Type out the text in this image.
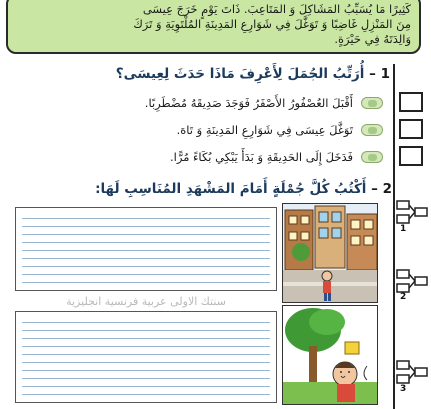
كَثِيرًا مَا يُسَبِّبُ المَشَاكِلَ وَ المَتَاعِبَ. ذَاتَ يَوْمٍ خَرَجَ عِيسَى
مِنَ المَنْزِلِ غَاضِبًا وَ تَوَغَّلَ فِي شَوَارِعِ المَدِينَةِ المُلْتَوِيَةِ وَ تَرَكَ
وَالِدَتَهُ فِي حَيْرَةٍ.
1 – أُرَتِّبُ الجُمَلَ لِأَعْرِفَ مَاذَا حَدَثَ لِعِيسَى؟
أَقْبَلَ العُصْفُورُ الأَصْفَرُ فَوَجَدَ صَدِيقَهُ مُضْطَرِبًا.
تَوَغَّلَ عِيسَى فِي شَوَارِعِ المَدِينَةِ وَ تَاهَ.
فَدَخَلَ إِلَى الحَدِيقَةِ وَ بَدَأَ يَبْكِي بُكَاءً مُرًّا.
2 – أَكْتُبُ كُلَّ جُمْلَةٍ أَمَامَ المَشْهَدِ المُنَاسِبِ لَهَا:
سنتك الاولى عربية فرنسية انجليزية
1
2
3
